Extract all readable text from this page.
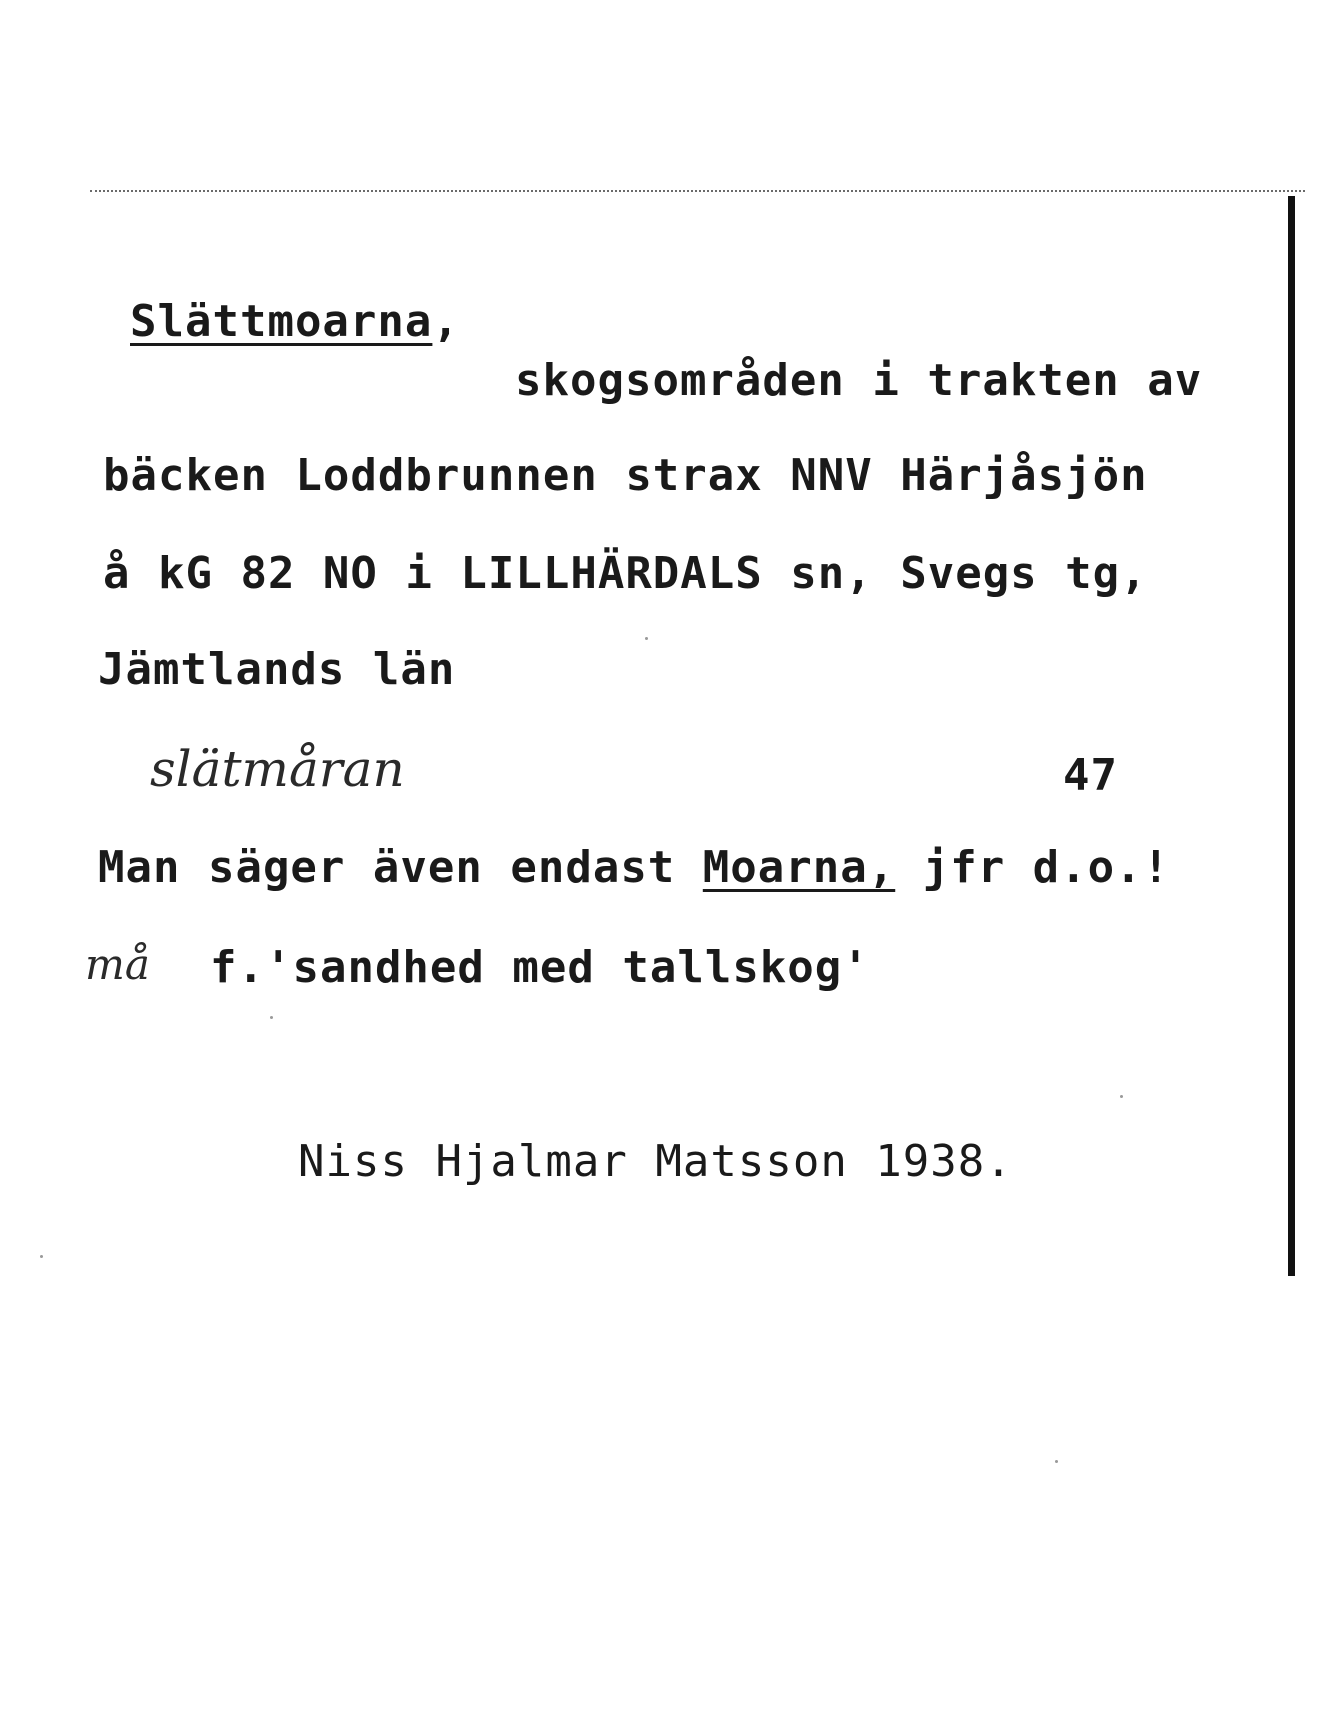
Slättmoarna,
skogsområden i trakten av
bäcken Loddbrunnen strax NNV Härjåsjön
å kG 82 NO i LILLHÄRDALS sn, Svegs tg,
Jämtlands län
slätmåran	47
Man säger även endast Moarna, jfr d.o.!
må f.'sandhed med tallskog'
Niss Hjalmar Matsson 1938.
